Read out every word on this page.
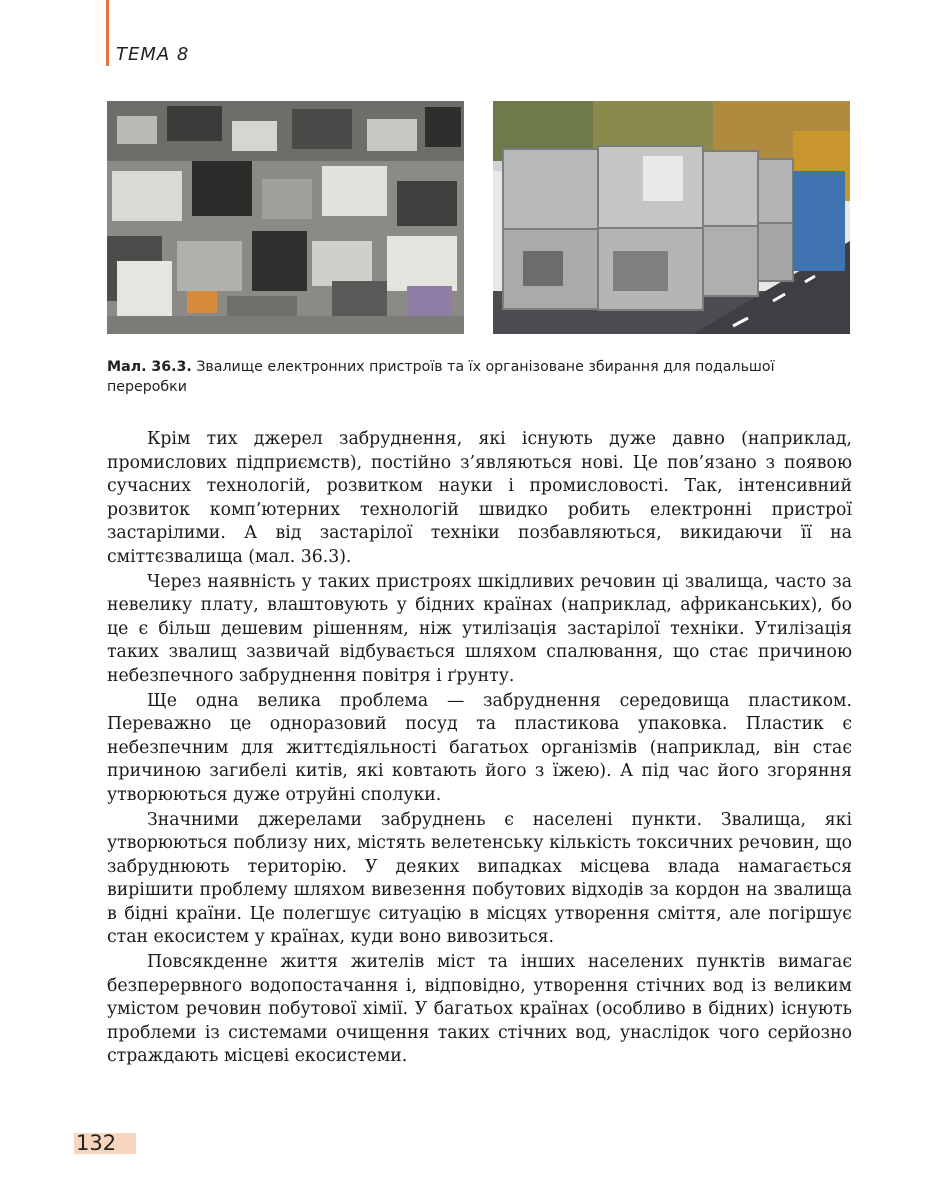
ТЕМА 8
Мал. 36.3. Звалище електронних пристроїв та їх організоване збирання для подальшої переробки

Крім тих джерел забруднення, які існують дуже давно (наприклад, промислових підприємств), постійно з’являються нові. Це пов’язано з появою сучасних технологій, розвитком науки і промисловості. Так, інтенсивний розвиток комп’ютерних технологій швидко робить електронні пристрої застарілими. А від застарілої техніки позбавляються, викидаючи її на сміттєзвалища (мал. 36.3).

Через наявність у таких пристроях шкідливих речовин ці звалища, часто за невелику плату, влаштовують у бідних країнах (наприклад, африканських), бо це є більш дешевим рішенням, ніж утилізація застарілої техніки. Утилізація таких звалищ зазвичай відбувається шляхом спалювання, що стає причиною небезпечного забруднення повітря і ґрунту.

Ще одна велика проблема — забруднення середовища пластиком. Переважно це одноразовий посуд та пластикова упаковка. Пластик є небезпечним для життєдіяльності багатьох організмів (наприклад, він стає причиною загибелі китів, які ковтають його з їжею). А під час його згоряння утворюються дуже отруйні сполуки.

Значними джерелами забруднень є населені пункти. Звалища, які утворюються поблизу них, містять велетенську кількість токсичних речовин, що забруднюють територію. У деяких випадках місцева влада намагається вирішити проблему шляхом вивезення побутових відходів за кордон на звалища в бідні країни. Це полегшує ситуацію в місцях утворення сміття, але погіршує стан екосистем у країнах, куди воно вивозиться.

Повсякденне життя жителів міст та інших населених пунктів вимагає безперервного водопостачання і, відповідно, утворення стічних вод із великим умістом речовин побутової хімії. У багатьох країнах (особливо в бідних) існують проблеми із системами очищення таких стічних вод, унаслідок чого серйозно страждають місцеві екосистеми.

132
